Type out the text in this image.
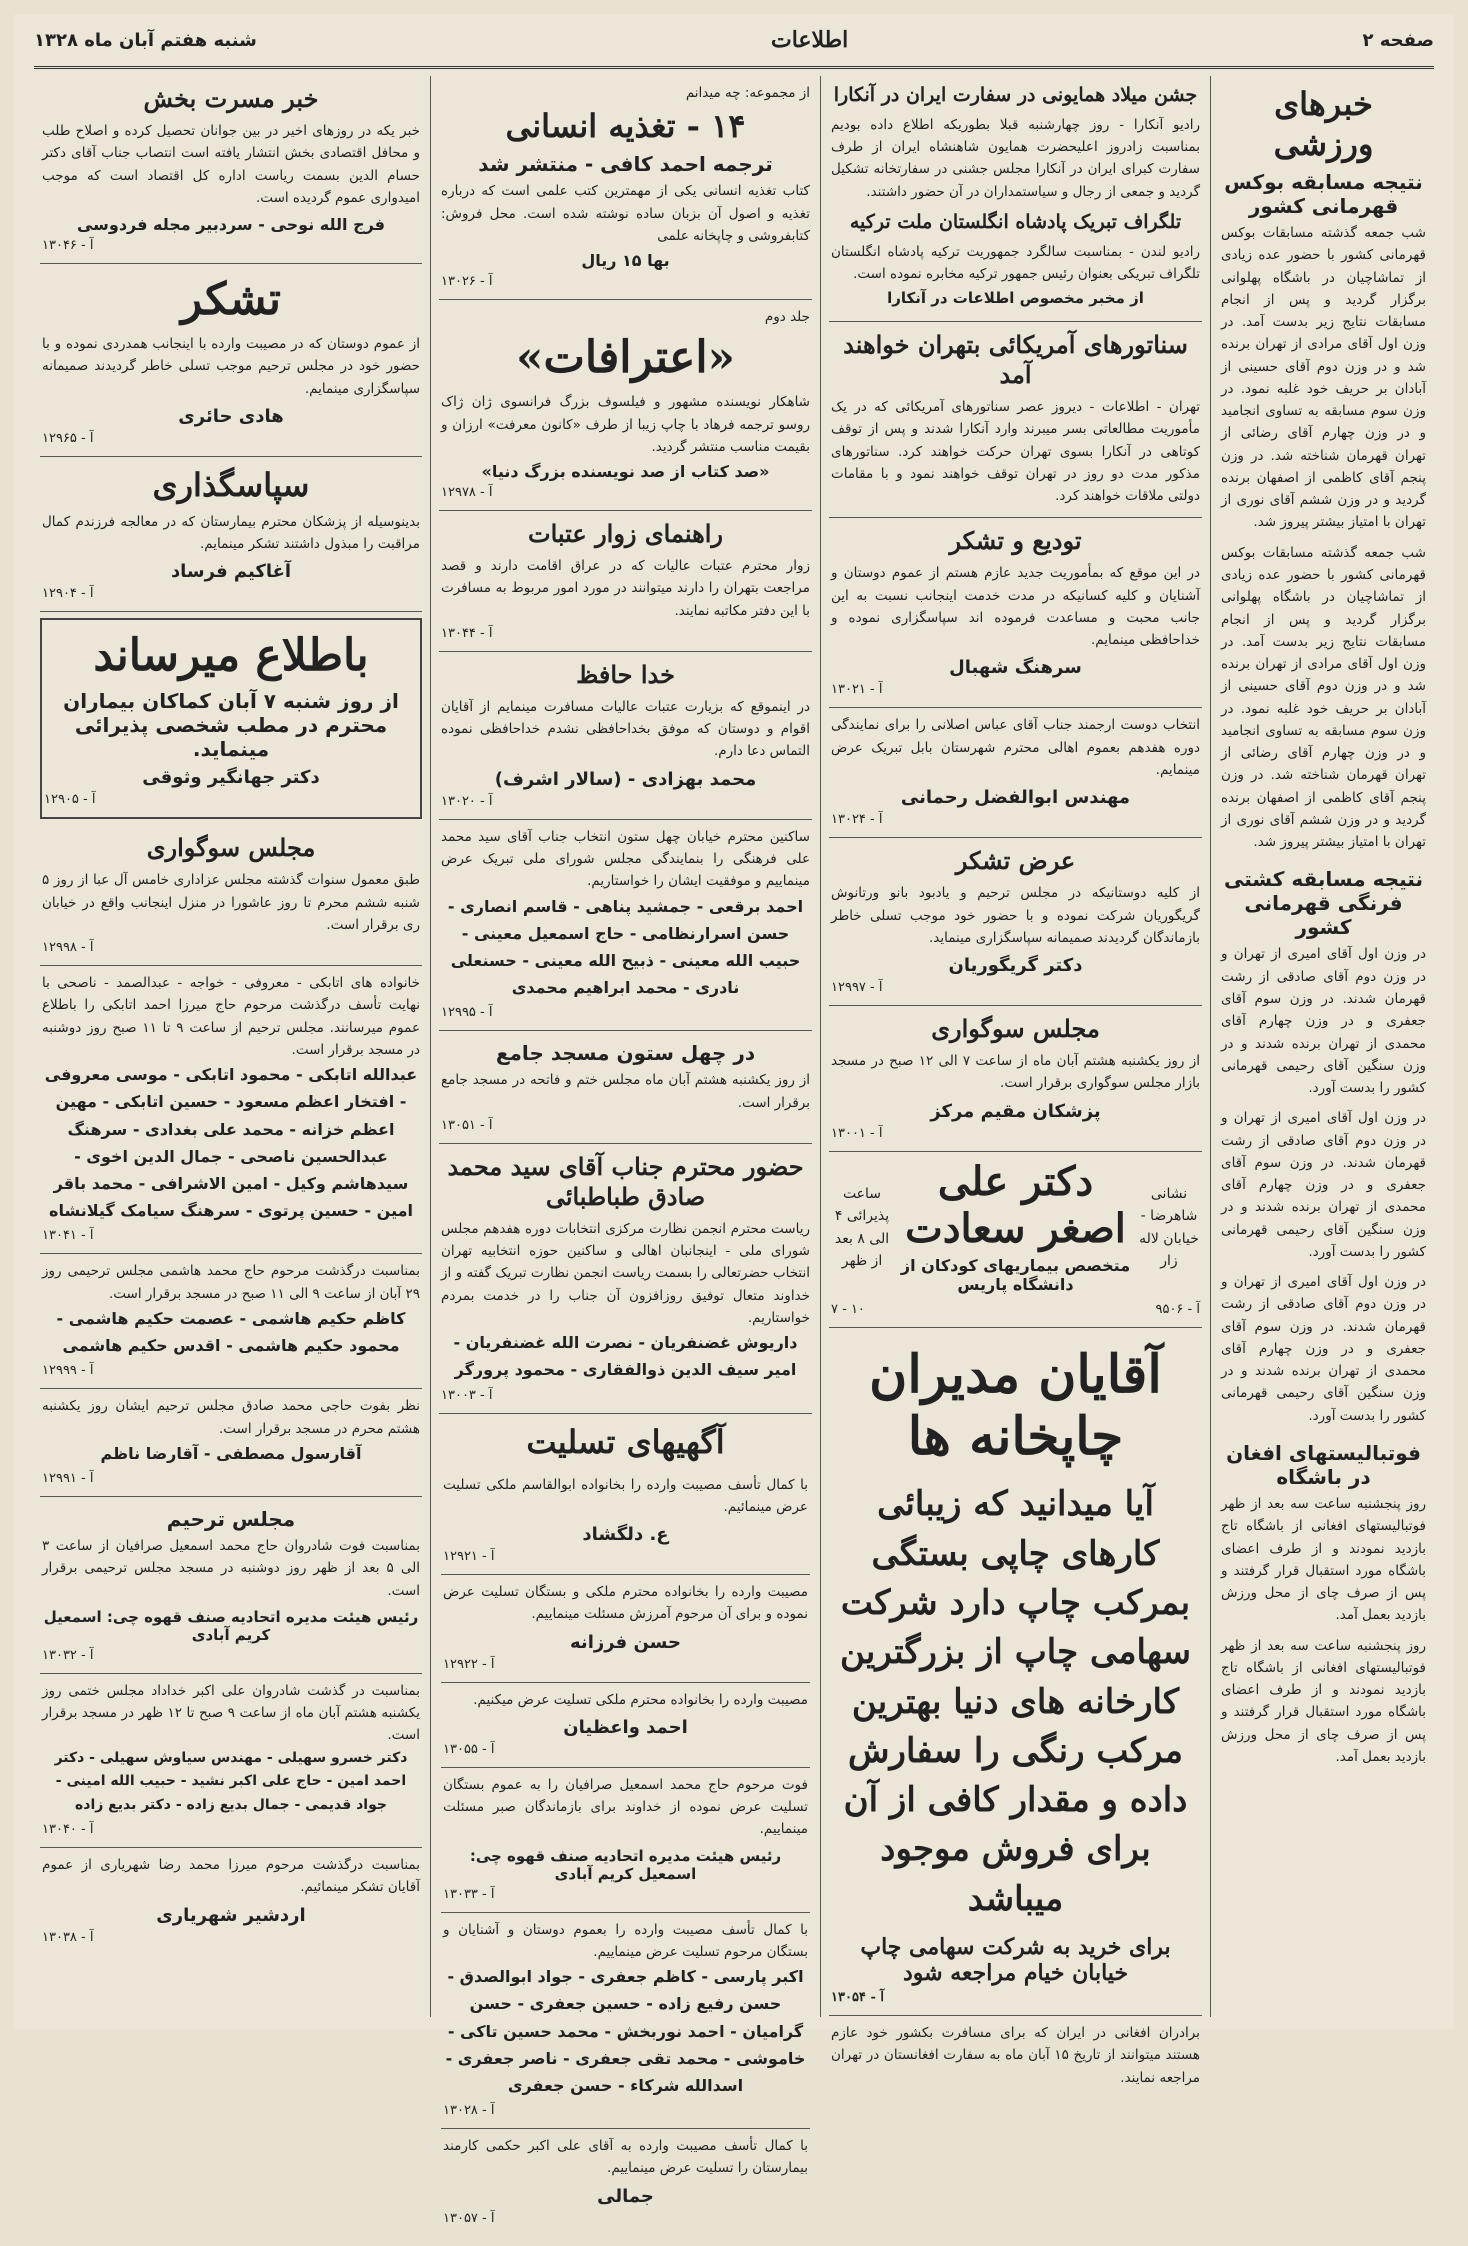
شنبه هفتم آبان ماه ۱۳۲۸	اطلاعات	صفحه ۲
خبرهای ورزشی
نتیجه مسابقه بوکس قهرمانی کشور
شب جمعه گذشته مسابقات بوکس قهرمانی کشور با حضور عده زیادی از تماشاچیان در باشگاه پهلوانی برگزار گردید و پس از انجام مسابقات نتایج زیر بدست آمد. در وزن اول آقای مرادی از تهران برنده شد و در وزن دوم آقای حسینی از آبادان بر حریف خود غلبه نمود. در وزن سوم مسابقه به تساوی انجامید و در وزن چهارم آقای رضائی از تهران قهرمان شناخته شد. در وزن پنجم آقای کاظمی از اصفهان برنده گردید و در وزن ششم آقای نوری از تهران با امتیاز بیشتر پیروز شد.
شب جمعه گذشته مسابقات بوکس قهرمانی کشور با حضور عده زیادی از تماشاچیان در باشگاه پهلوانی برگزار گردید و پس از انجام مسابقات نتایج زیر بدست آمد. در وزن اول آقای مرادی از تهران برنده شد و در وزن دوم آقای حسینی از آبادان بر حریف خود غلبه نمود. در وزن سوم مسابقه به تساوی انجامید و در وزن چهارم آقای رضائی از تهران قهرمان شناخته شد. در وزن پنجم آقای کاظمی از اصفهان برنده گردید و در وزن ششم آقای نوری از تهران با امتیاز بیشتر پیروز شد.
نتیجه مسابقه کشتی فرنگی قهرمانی کشور
در وزن اول آقای امیری از تهران و در وزن دوم آقای صادقی از رشت قهرمان شدند. در وزن سوم آقای جعفری و در وزن چهارم آقای محمدی از تهران برنده شدند و در وزن سنگین آقای رحیمی قهرمانی کشور را بدست آورد.
در وزن اول آقای امیری از تهران و در وزن دوم آقای صادقی از رشت قهرمان شدند. در وزن سوم آقای جعفری و در وزن چهارم آقای محمدی از تهران برنده شدند و در وزن سنگین آقای رحیمی قهرمانی کشور را بدست آورد.
در وزن اول آقای امیری از تهران و در وزن دوم آقای صادقی از رشت قهرمان شدند. در وزن سوم آقای جعفری و در وزن چهارم آقای محمدی از تهران برنده شدند و در وزن سنگین آقای رحیمی قهرمانی کشور را بدست آورد.
فوتبالیستهای افغان در باشگاه
روز پنجشنبه ساعت سه بعد از ظهر فوتبالیستهای افغانی از باشگاه تاج بازدید نمودند و از طرف اعضای باشگاه مورد استقبال قرار گرفتند و پس از صرف چای از محل ورزش بازدید بعمل آمد.
روز پنجشنبه ساعت سه بعد از ظهر فوتبالیستهای افغانی از باشگاه تاج بازدید نمودند و از طرف اعضای باشگاه مورد استقبال قرار گرفتند و پس از صرف چای از محل ورزش بازدید بعمل آمد.
جشن میلاد همایونی در سفارت ایران در آنکارا
رادیو آنکارا - روز چهارشنبه قبلا بطوریکه اطلاع داده بودیم بمناسبت زادروز اعلیحضرت همایون شاهنشاه ایران از طرف سفارت کبرای ایران در آنکارا مجلس جشنی در سفارتخانه تشکیل گردید و جمعی از رجال و سیاستمداران در آن حضور داشتند.
تلگراف تبریک پادشاه انگلستان ملت ترکیه
رادیو لندن - بمناسبت سالگرد جمهوریت ترکیه پادشاه انگلستان تلگراف تبریکی بعنوان رئیس جمهور ترکیه مخابره نموده است.
از مخبر مخصوص اطلاعات در آنکارا
سناتورهای آمریکائی بتهران خواهند آمد
تهران - اطلاعات - دیروز عصر سناتورهای آمریکائی که در یک مأموریت مطالعاتی بسر میبرند وارد آنکارا شدند و پس از توقف کوتاهی در آنکارا بسوی تهران حرکت خواهند کرد. سناتورهای مذکور مدت دو روز در تهران توقف خواهند نمود و با مقامات دولتی ملاقات خواهند کرد.
تودیع و تشکر
در این موقع که بمأموریت جدید عازم هستم از عموم دوستان و آشنایان و کلیه کسانیکه در مدت خدمت اینجانب نسبت به این جانب محبت و مساعدت فرموده اند سپاسگزاری نموده و خداحافظی مینمایم.
سرهنگ شهبال
آ - ۱۳۰۲۱
انتخاب دوست ارجمند جناب آقای عباس اصلانی را برای نمایندگی دوره هفدهم بعموم اهالی محترم شهرستان بابل تبریک عرض مینمایم.
مهندس ابوالفضل رحمانی
آ - ۱۳۰۲۴
عرض تشکر
از کلیه دوستانیکه در مجلس ترحیم و یادبود بانو ورتانوش گریگوریان شرکت نموده و با حضور خود موجب تسلی خاطر بازماندگان گردیدند صمیمانه سپاسگزاری مینماید.
دکتر گریگوریان
آ - ۱۲۹۹۷
مجلس سوگواری
از روز یکشنبه هشتم آبان ماه از ساعت ۷ الی ۱۲ صبح در مسجد بازار مجلس سوگواری برقرار است.
پزشکان مقیم مرکز
آ - ۱۳۰۰۱
نشانی شاهرضا - خیابان لاله زار
دکتر علی اصغر سعادت
متخصص بیماریهای کودکان از دانشگاه پاریس
ساعت پذیرائی ۴ الی ۸ بعد از ظهر
آ - ۹۵۰۶
۷ - ۱۰
آقایان مدیران چاپخانه ها
آیا میدانید که زیبائی کارهای چاپی بستگی بمرکب چاپ دارد شرکت سهامی چاپ از بزرگترین کارخانه های دنیا بهترین مرکب رنگی را سفارش داده و مقدار کافی از آن برای فروش موجود میباشد
برای خرید به شرکت سهامی چاپ خیابان خیام مراجعه شود
آ - ۱۳۰۵۴
برادران افغانی در ایران که برای مسافرت بکشور خود عازم هستند میتوانند از تاریخ ۱۵ آبان ماه به سفارت افغانستان در تهران مراجعه نمایند.
از مجموعه: چه میدانم
۱۴ - تغذیه انسانی
ترجمه احمد کافی - منتشر شد
کتاب تغذیه انسانی یکی از مهمترین کتب علمی است که درباره تغذیه و اصول آن بزبان ساده نوشته شده است. محل فروش: کتابفروشی و چاپخانه علمی
بها ۱۵ ریال
آ - ۱۳۰۲۶
جلد دوم
«اعترافات»
شاهکار نویسنده مشهور و فیلسوف بزرگ فرانسوی ژان ژاک روسو ترجمه فرهاد با چاپ زیبا از طرف «کانون معرفت» ارزان و بقیمت مناسب منتشر گردید.
«صد کتاب از صد نویسنده بزرگ دنیا»
آ - ۱۲۹۷۸
راهنمای زوار عتبات
زوار محترم عتبات عالیات که در عراق اقامت دارند و قصد مراجعت بتهران را دارند میتوانند در مورد امور مربوط به مسافرت با این دفتر مکاتبه نمایند.
آ - ۱۳۰۴۴
خدا حافظ
در اینموقع که بزیارت عتبات عالیات مسافرت مینمایم از آقایان اقوام و دوستان که موفق بخداحافظی نشدم خداحافظی نموده التماس دعا دارم.
محمد بهزادی - (سالار اشرف)
آ - ۱۳۰۲۰
ساکنین محترم خیابان چهل ستون انتخاب جناب آقای سید محمد علی فرهنگی را بنمایندگی مجلس شورای ملی تبریک عرض مینماییم و موفقیت ایشان را خواستاریم.
احمد برقعی - جمشید پناهی - قاسم انصاری - حسن اسرارنظامی - حاج اسمعیل معینی - حبیب الله معینی - ذبیح الله معینی - حسنعلی نادری - محمد ابراهیم محمدی
آ - ۱۲۹۹۵
در چهل ستون مسجد جامع
از روز یکشنبه هشتم آبان ماه مجلس ختم و فاتحه در مسجد جامع برقرار است.
آ - ۱۳۰۵۱
حضور محترم جناب آقای سید محمد صادق طباطبائی
ریاست محترم انجمن نظارت مرکزی انتخابات دوره هفدهم مجلس شورای ملی - اینجانبان اهالی و ساکنین حوزه انتخابیه تهران انتخاب حضرتعالی را بسمت ریاست انجمن نظارت تبریک گفته و از خداوند متعال توفیق روزافزون آن جناب را در خدمت بمردم خواستاریم.
داریوش غضنفریان - نصرت الله غضنفریان - امیر سیف الدین ذوالفقاری - محمود پرورگر
آ - ۱۳۰۰۳
آگهیهای تسلیت
با کمال تأسف مصیبت وارده را بخانواده ابوالقاسم ملکی تسلیت عرض مینمائیم.
ع. دلگشاد
آ - ۱۲۹۲۱
مصیبت وارده را بخانواده محترم ملکی و بستگان تسلیت عرض نموده و برای آن مرحوم آمرزش مسئلت مینماییم.
حسن فرزانه
آ - ۱۲۹۲۲
مصیبت وارده را بخانواده محترم ملکی تسلیت عرض میکنیم.
احمد واعظیان
آ - ۱۳۰۵۵
فوت مرحوم حاج محمد اسمعیل صرافیان را به عموم بستگان تسلیت عرض نموده از خداوند برای بازماندگان صبر مسئلت مینماییم.
رئیس هیئت مدیره اتحادیه صنف قهوه چی: اسمعیل کریم آبادی
آ - ۱۳۰۳۳
با کمال تأسف مصیبت وارده را بعموم دوستان و آشنایان و بستگان مرحوم تسلیت عرض مینماییم.
اکبر پارسی - کاظم جعفری - جواد ابوالصدق - حسن رفیع زاده - حسین جعفری - حسن گرامیان - احمد نوربخش - محمد حسین تاکی - خاموشی - محمد تقی جعفری - ناصر جعفری - اسدالله شرکاء - حسن جعفری
آ - ۱۳۰۲۸
با کمال تأسف مصیبت وارده به آقای علی اکبر حکمی کارمند بیمارستان را تسلیت عرض مینماییم.
جمالی
آ - ۱۳۰۵۷
خبر مسرت بخش
خبر یکه در روزهای اخیر در بین جوانان تحصیل کرده و اصلاح طلب و محافل اقتصادی بخش انتشار یافته است انتصاب جناب آقای دکتر حسام الدین بسمت ریاست اداره کل اقتصاد است که موجب امیدواری عموم گردیده است.
فرج الله نوحی - سردبیر مجله فردوسی
آ - ۱۳۰۴۶
تشکر
از عموم دوستان که در مصیبت وارده با اینجانب همدردی نموده و با حضور خود در مجلس ترحیم موجب تسلی خاطر گردیدند صمیمانه سپاسگزاری مینمایم.
هادی حائری
آ - ۱۲۹۶۵
سپاسگذاری
بدینوسیله از پزشکان محترم بیمارستان که در معالجه فرزندم کمال مراقبت را مبذول داشتند تشکر مینمایم.
آغاکیم فرساد
آ - ۱۲۹۰۴
باطلاع میرساند
از روز شنبه ۷ آبان کماکان بیماران محترم در مطب شخصی پذیرائی مینماید.
دکتر جهانگیر وثوقی
آ - ۱۲۹۰۵
مجلس سوگواری
طبق معمول سنوات گذشته مجلس عزاداری خامس آل عبا از روز ۵ شنبه ششم محرم تا روز عاشورا در منزل اینجانب واقع در خیابان ری برقرار است.
آ - ۱۲۹۹۸
خانواده های اتابکی - معروفی - خواجه - عبدالصمد - ناصحی با نهایت تأسف درگذشت مرحوم حاج میرزا احمد اتابکی را باطلاع عموم میرسانند. مجلس ترحیم از ساعت ۹ تا ۱۱ صبح روز دوشنبه در مسجد برقرار است.
عبدالله اتابکی - محمود اتابکی - موسی معروفی - افتخار اعظم مسعود - حسین اتابکی - مهین اعظم خزانه - محمد علی بغدادی - سرهنگ عبدالحسین ناصحی - جمال الدین اخوی - سیدهاشم وکیل - امین الاشرافی - محمد باقر امین - حسین پرتوی - سرهنگ سیامک گیلانشاه
آ - ۱۳۰۴۱
بمناسبت درگذشت مرحوم حاج محمد هاشمی مجلس ترحیمی روز ۲۹ آبان از ساعت ۹ الی ۱۱ صبح در مسجد برقرار است.
کاظم حکیم هاشمی - عصمت حکیم هاشمی - محمود حکیم هاشمی - اقدس حکیم هاشمی
آ - ۱۲۹۹۹
نظر بفوت حاجی محمد صادق مجلس ترحیم ایشان روز یکشنبه هشتم محرم در مسجد برقرار است.
آقارسول مصطفی - آقارضا ناظم
آ - ۱۲۹۹۱
مجلس ترحیم
بمناسبت فوت شادروان حاج محمد اسمعیل صرافیان از ساعت ۳ الی ۵ بعد از ظهر روز دوشنبه در مسجد مجلس ترحیمی برقرار است.
رئیس هیئت مدیره اتحادیه صنف قهوه چی: اسمعیل کریم آبادی
آ - ۱۳۰۳۲
بمناسبت در گذشت شادروان علی اکبر خداداد مجلس ختمی روز یکشنبه هشتم آبان ماه از ساعت ۹ صبح تا ۱۲ ظهر در مسجد برقرار است.
دکتر خسرو سهیلی - مهندس سیاوش سهیلی - دکتر احمد امین - حاج علی اکبر نشید - حبیب الله امینی - جواد قدیمی - جمال بدیع زاده - دکتر بدیع زاده
آ - ۱۳۰۴۰
بمناسبت درگذشت مرحوم میرزا محمد رضا شهریاری از عموم آقایان تشکر مینمائیم.
اردشیر شهریاری
آ - ۱۳۰۳۸
